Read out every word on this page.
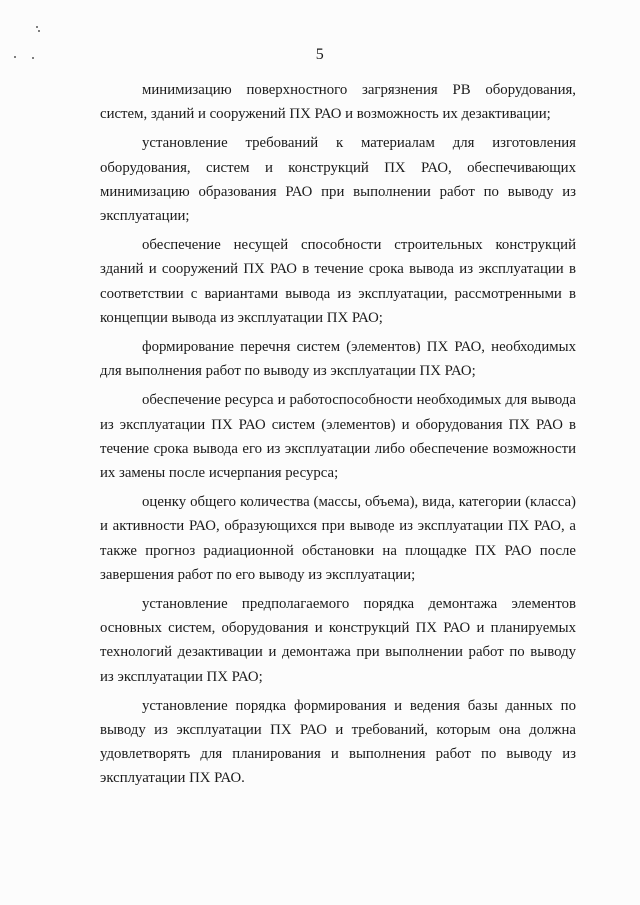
5

минимизацию поверхностного загрязнения РВ оборудования, систем, зданий и сооружений ПХ РАО и возможность их дезактивации;

установление требований к материалам для изготовления оборудования, систем и конструкций ПХ РАО, обеспечивающих минимизацию образования РАО при выполнении работ по выводу из эксплуатации;

обеспечение несущей способности строительных конструкций зданий и сооружений ПХ РАО в течение срока вывода из эксплуатации в соответствии с вариантами вывода из эксплуатации, рассмотренными в концепции вывода из эксплуатации ПХ РАО;

формирование перечня систем (элементов) ПХ РАО, необходимых для выполнения работ по выводу из эксплуатации ПХ РАО;

обеспечение ресурса и работоспособности необходимых для вывода из эксплуатации ПХ РАО систем (элементов) и оборудования ПХ РАО в течение срока вывода его из эксплуатации либо обеспечение возможности их замены после исчерпания ресурса;

оценку общего количества (массы, объема), вида, категории (класса) и активности РАО, образующихся при выводе из эксплуатации ПХ РАО, а также прогноз радиационной обстановки на площадке ПХ РАО после завершения работ по его выводу из эксплуатации;

установление предполагаемого порядка демонтажа элементов основных систем, оборудования и конструкций ПХ РАО и планируемых технологий дезактивации и демонтажа при выполнении работ по выводу из эксплуатации ПХ РАО;

установление порядка формирования и ведения базы данных по выводу из эксплуатации ПХ РАО и требований, которым она должна удовлетворять для планирования и выполнения работ по выводу из эксплуатации ПХ РАО.
